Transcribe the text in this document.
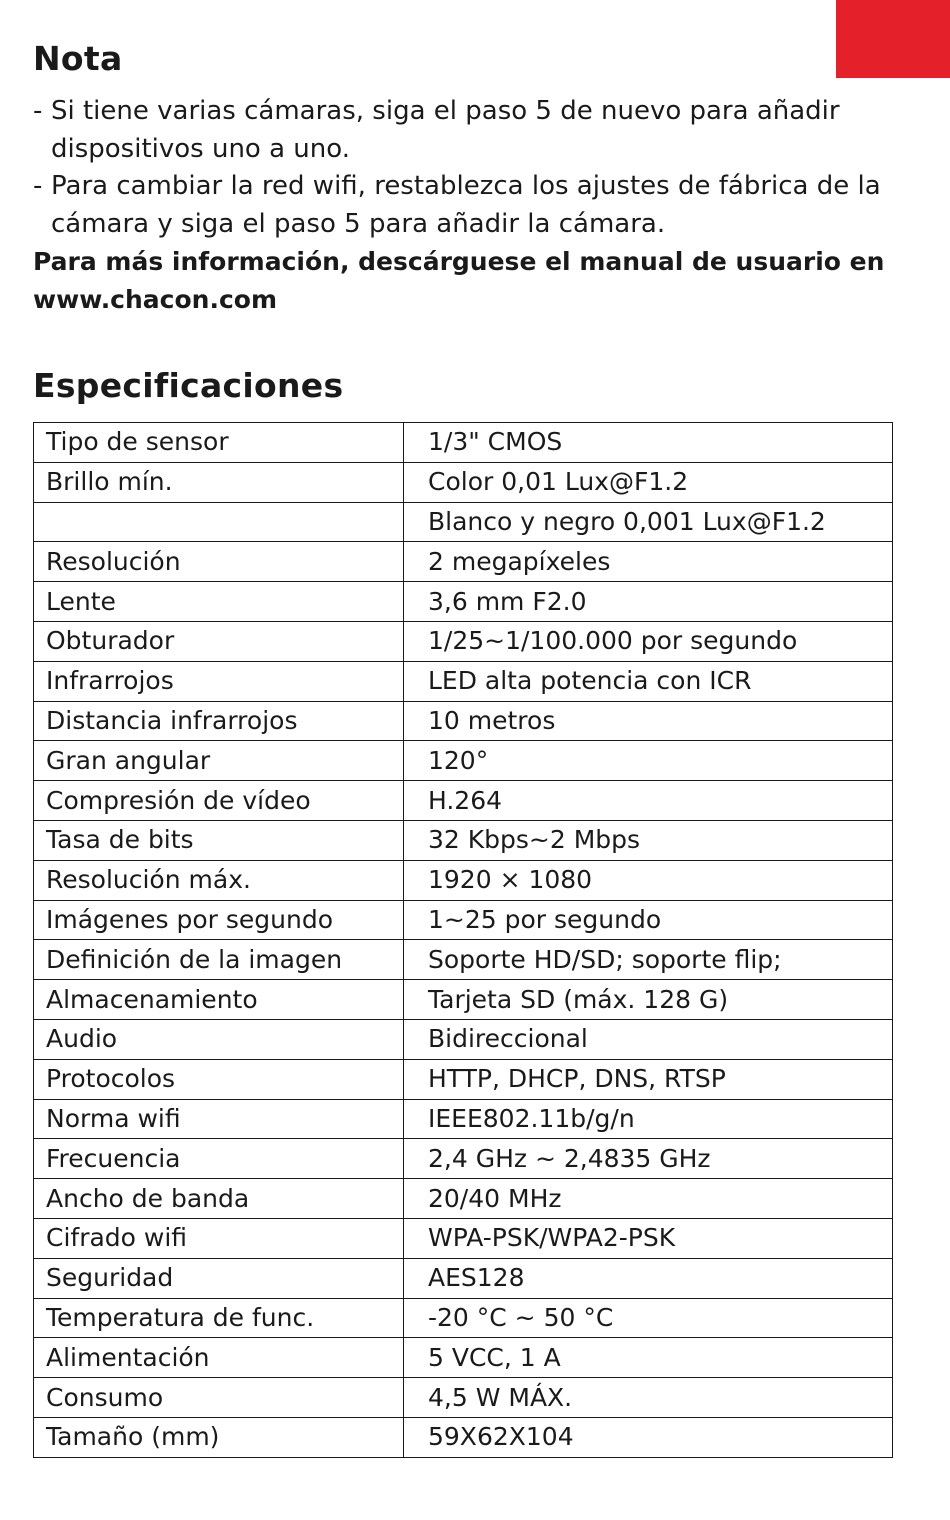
Nota
- Si tiene varias cámaras, siga el paso 5 de nuevo para añadir dispositivos uno a uno.
- Para cambiar la red wifi, restablezca los ajustes de fábrica de la cámara y siga el paso 5 para añadir la cámara.
Para más información, descárguese el manual de usuario en www.chacon.com
Especificaciones
Tipo de sensor	1/3" CMOS
Brillo mín.	Color 0,01 Lux@F1.2
	Blanco y negro 0,001 Lux@F1.2
Resolución	2 megapíxeles
Lente	3,6 mm F2.0
Obturador	1/25~1/100.000 por segundo
Infrarrojos	LED alta potencia con ICR
Distancia infrarrojos	10 metros
Gran angular	120°
Compresión de vídeo	H.264
Tasa de bits	32 Kbps~2 Mbps
Resolución máx.	1920 × 1080
Imágenes por segundo	1~25 por segundo
Definición de la imagen	Soporte HD/SD; soporte flip;
Almacenamiento	Tarjeta SD (máx. 128 G)
Audio	Bidireccional
Protocolos	HTTP, DHCP, DNS, RTSP
Norma wifi	IEEE802.11b/g/n
Frecuencia	2,4 GHz ~ 2,4835 GHz
Ancho de banda	20/40 MHz
Cifrado wifi	WPA-PSK/WPA2-PSK
Seguridad	AES128
Temperatura de func.	-20 °C ~ 50 °C
Alimentación	5 VCC, 1 A
Consumo	4,5 W MÁX.
Tamaño (mm)	59X62X104
